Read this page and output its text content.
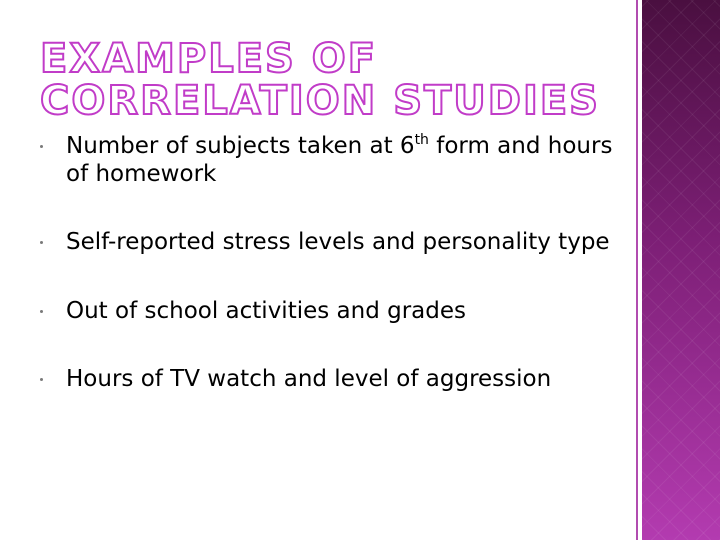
EXAMPLES OF CORRELATION STUDIES
Number of subjects taken at 6th form and hours of homework
Self-reported stress levels and personality type
Out of school activities and grades
Hours of TV watch and level of aggression
